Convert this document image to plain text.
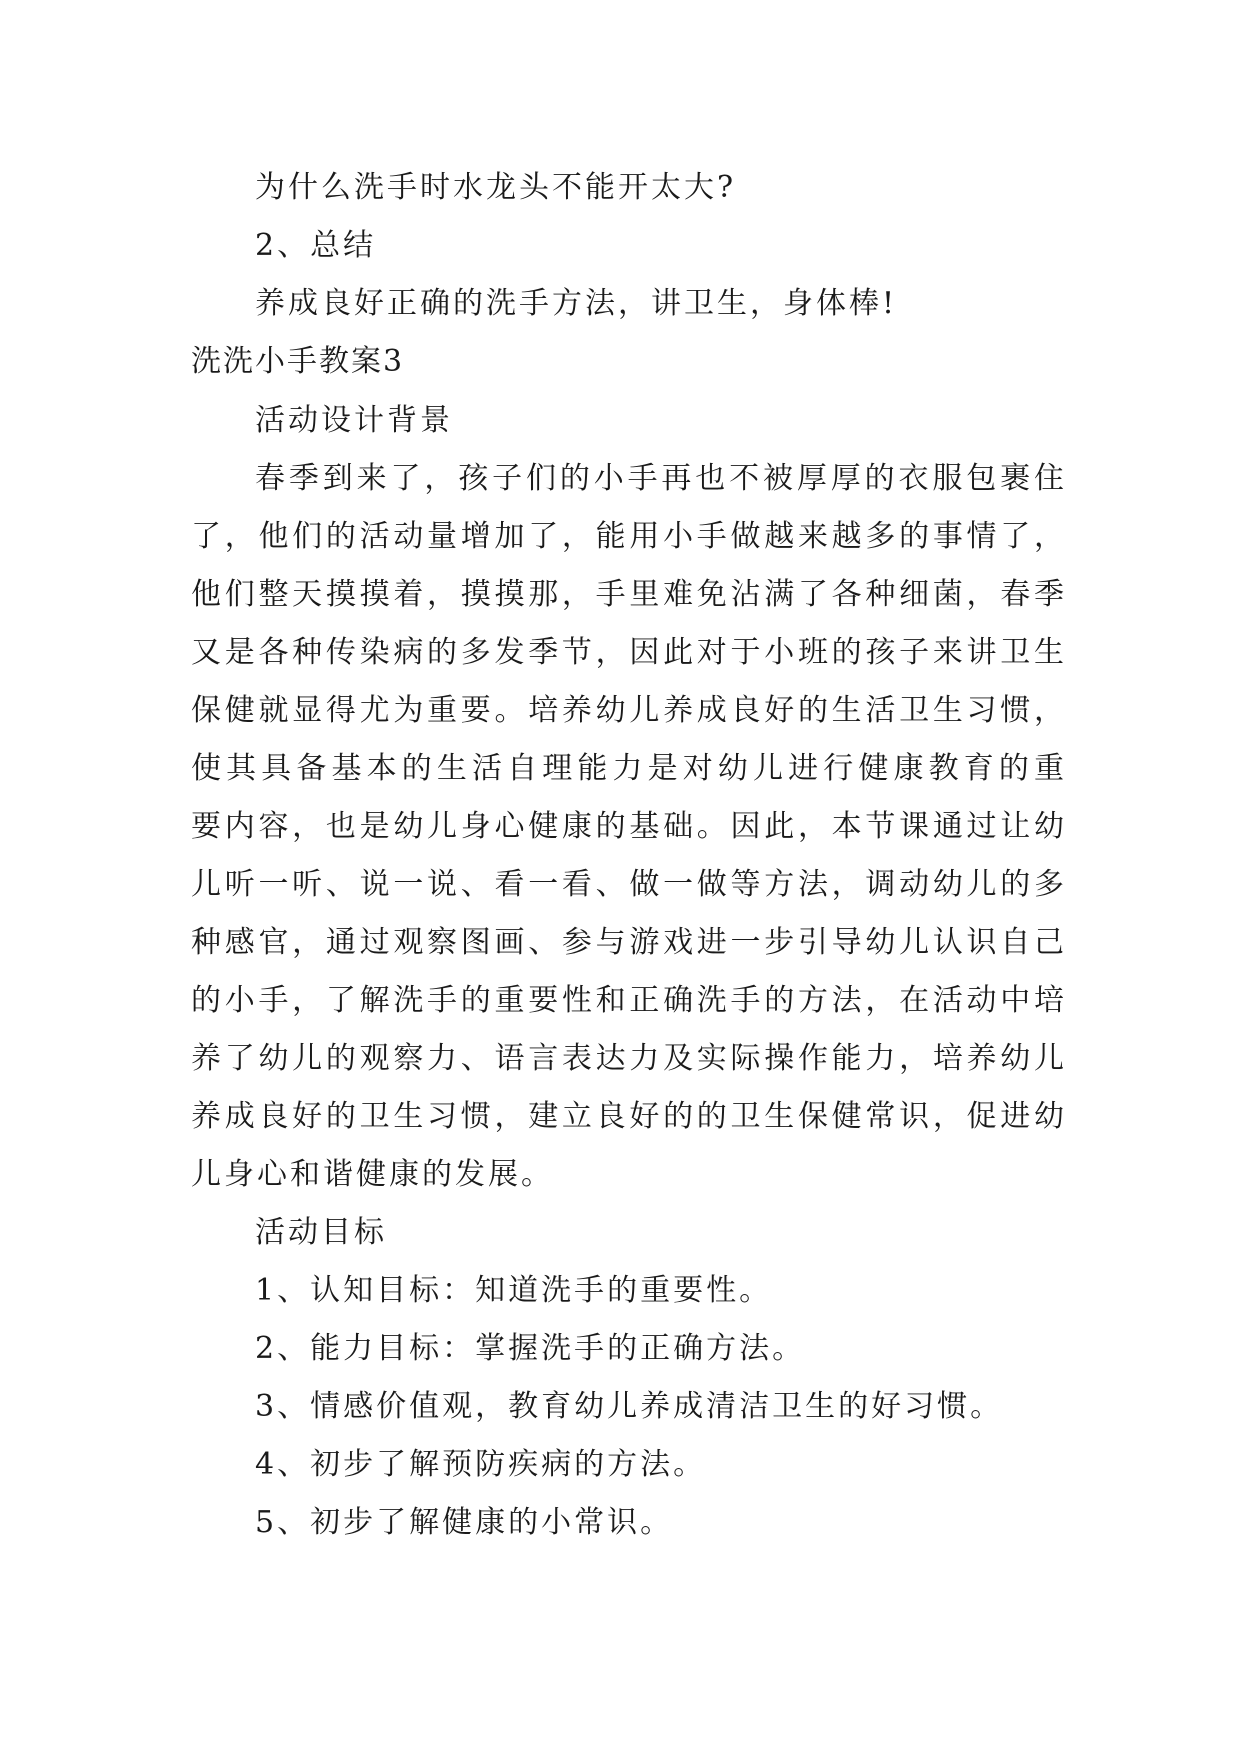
为什么洗手时水龙头不能开太大?

2、总结

养成良好正确的洗手方法，讲卫生，身体棒!

洗洗小手教案3

活动设计背景

春季到来了，孩子们的小手再也不被厚厚的衣服包裹住

了，他们的活动量增加了，能用小手做越来越多的事情了，

他们整天摸摸着，摸摸那，手里难免沾满了各种细菌，春季

又是各种传染病的多发季节，因此对于小班的孩子来讲卫生

保健就显得尤为重要。培养幼儿养成良好的生活卫生习惯，

使其具备基本的生活自理能力是对幼儿进行健康教育的重

要内容，也是幼儿身心健康的基础。因此，本节课通过让幼

儿听一听、说一说、看一看、做一做等方法，调动幼儿的多

种感官，通过观察图画、参与游戏进一步引导幼儿认识自己

的小手，了解洗手的重要性和正确洗手的方法，在活动中培

养了幼儿的观察力、语言表达力及实际操作能力，培养幼儿

养成良好的卫生习惯，建立良好的的卫生保健常识，促进幼

儿身心和谐健康的发展。

活动目标

1、认知目标：知道洗手的重要性。

2、能力目标：掌握洗手的正确方法。

3、情感价值观，教育幼儿养成清洁卫生的好习惯。

4、初步了解预防疾病的方法。

5、初步了解健康的小常识。
